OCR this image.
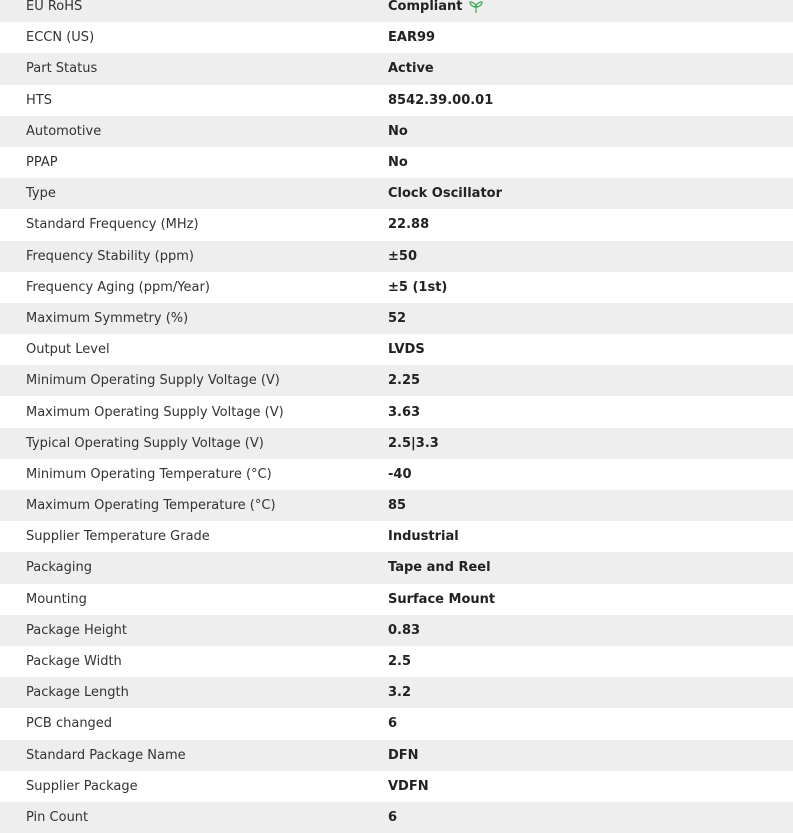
EU RoHS	Compliant
ECCN (US)	EAR99
Part Status	Active
HTS	8542.39.00.01
Automotive	No
PPAP	No
Type	Clock Oscillator
Standard Frequency (MHz)	22.88
Frequency Stability (ppm)	±50
Frequency Aging (ppm/Year)	±5 (1st)
Maximum Symmetry (%)	52
Output Level	LVDS
Minimum Operating Supply Voltage (V)	2.25
Maximum Operating Supply Voltage (V)	3.63
Typical Operating Supply Voltage (V)	2.5|3.3
Minimum Operating Temperature (°C)	-40
Maximum Operating Temperature (°C)	85
Supplier Temperature Grade	Industrial
Packaging	Tape and Reel
Mounting	Surface Mount
Package Height	0.83
Package Width	2.5
Package Length	3.2
PCB changed	6
Standard Package Name	DFN
Supplier Package	VDFN
Pin Count	6
